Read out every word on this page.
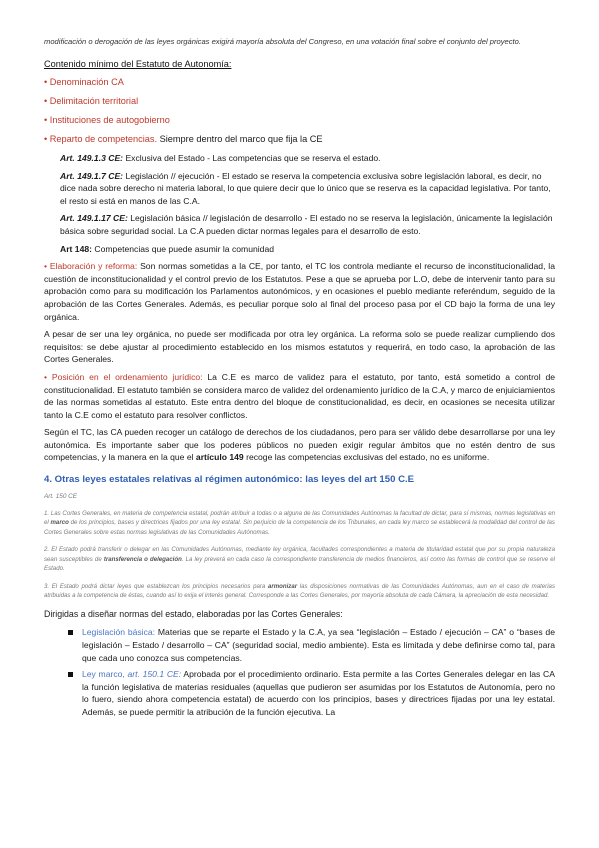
modificación o derogación de las leyes orgánicas exigirá mayoría absoluta del Congreso, en una votación final sobre el conjunto del proyecto.

Contenido mínimo del Estatuto de Autonomía:
• Denominación CA
• Delimitación territorial
• Instituciones de autogobierno
• Reparto de competencias. Siempre dentro del marco que fija la CE
Art. 149.1.3 CE: Exclusiva del Estado - Las competencias que se reserva el estado.
Art. 149.1.7 CE: Legislación // ejecución - El estado se reserva la competencia exclusiva sobre legislación laboral, es decir, no dice nada sobre derecho ni materia laboral, lo que quiere decir que lo único que se reserva es la capacidad legislativa. Por tanto, el resto si está en manos de las C.A.
Art. 149.1.17 CE: Legislación básica // legislación de desarrollo - El estado no se reserva la legislación, únicamente la legislación básica sobre seguridad social. La C.A pueden dictar normas legales para el desarrollo de esto.
Art 148: Competencias que puede asumir la comunidad

• Elaboración y reforma: Son normas sometidas a la CE, por tanto, el TC los controla mediante el recurso de inconstitucionalidad, la cuestión de inconstitucionalidad y el control previo de los Estatutos. Pese a que se aprueba por L.O, debe de intervenir tanto para su aprobación como para su modificación los Parlamentos autonómicos, y en ocasiones el pueblo mediante referéndum, seguido de la aprobación de las Cortes Generales. Además, es peculiar porque solo al final del proceso pasa por el CD bajo la forma de una ley orgánica.

A pesar de ser una ley orgánica, no puede ser modificada por otra ley orgánica. La reforma solo se puede realizar cumpliendo dos requisitos: se debe ajustar al procedimiento establecido en los mismos estatutos y requerirá, en todo caso, la aprobación de las Cortes Generales.

• Posición en el ordenamiento jurídico: La C.E es marco de validez para el estatuto, por tanto, está sometido a control de constitucionalidad. El estatuto también se considera marco de validez del ordenamiento jurídico de la C.A, y marco de enjuiciamientos de las normas sometidas al estatuto. Este entra dentro del bloque de constitucionalidad, es decir, en ocasiones se necesita utilizar tanto la C.E como el estatuto para resolver conflictos.

Según el TC, las CA pueden recoger un catálogo de derechos de los ciudadanos, pero para ser válido debe desarrollarse por una ley autonómica. Es importante saber que los poderes públicos no pueden exigir regular ámbitos que no estén dentro de sus competencias, y la manera en la que el artículo 149 recoge las competencias exclusivas del estado, no es uniforme.

4. Otras leyes estatales relativas al régimen autonómico: las leyes del art 150 C.E
Art. 150 CE

1. Las Cortes Generales, en materia de competencia estatal, podrán atribuir a todas o a alguna de las Comunidades Autónomas la facultad de dictar, para sí mismas, normas legislativas en el marco de los principios, bases y directrices fijados por una ley estatal. Sin perjuicio de la competencia de los Tribunales, en cada ley marco se establecerá la modalidad del control de las Cortes Generales sobre estas normas legislativas de las Comunidades Autónomas.

2. El Estado podrá transferir o delegar en las Comunidades Autónomas, mediante ley orgánica, facultades correspondientes a materia de titularidad estatal que por su propia naturaleza sean susceptibles de transferencia o delegación. La ley preverá en cada caso la correspondiente transferencia de medios financieros, así como las formas de control que se reserve el Estado.

3. El Estado podrá dictar leyes que establezcan los principios necesarios para armonizar las disposiciones normativas de las Comunidades Autónomas, aun en el caso de materias atribuidas a la competencia de éstas, cuando así lo exija el interés general. Corresponde a las Cortes Generales, por mayoría absoluta de cada Cámara, la apreciación de esta necesidad.

Dirigidas a diseñar normas del estado, elaboradas por las Cortes Generales:
Legislación básica: Materias que se reparte el Estado y la C.A, ya sea “legislación – Estado / ejecución – CA” o “bases de legislación – Estado / desarrollo – CA” (seguridad social, medio ambiente). Esta es limitada y debe definirse como tal, para que cada uno conozca sus competencias.
Ley marco, art. 150.1 CE: Aprobada por el procedimiento ordinario. Esta permite a las Cortes Generales delegar en las CA la función legislativa de materias residuales (aquellas que pudieron ser asumidas por los Estatutos de Autonomía, pero no lo fuero, siendo ahora competencia estatal) de acuerdo con los principios, bases y directrices fijadas por una ley estatal. Además, se puede permitir la atribución de la función ejecutiva. La
